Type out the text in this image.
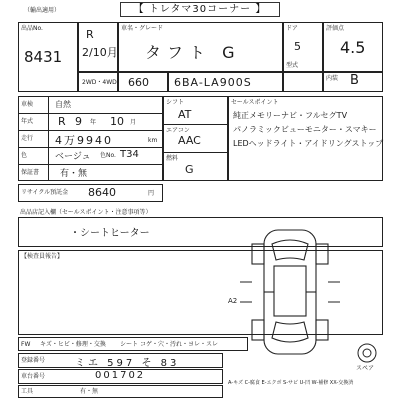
【 トレタマ30コーナー 】
（輸出適用）
出品No.
8431
R
2/10月
車名・グレード
タフト G
ドア
5
型式
評価点
4.5
2WD・4WD 660 6BA-LA900S	内装 B
車検	自然
年式 R 9 年 10 月
走行 4万9940	km
色	ベージュ 色No. T34
保証書 有・無
シフト
AT
エアコン
AAC
燃料
G
セールスポイント
純正メモリーナビ・フルセグTV
パノラミックビューモニター・スマキー
LEDヘッドライト・アイドリングストップ
リサイクル預託金 8640	円
出品店記入欄（セールスポイント・注意事項等）
・シートヒーター
【検査員報告】
A2
スペア
FW キズ・ヒビ・修理・交換 シート コゲ・穴・汚れ・ヨレ・スレ
登録番号	ミエ 597 そ 83
車台番号	001702
工具	有・無
A-キズ C-腐食 E-エクボ S-サビ U-凹 W-補修 XX-交換済
